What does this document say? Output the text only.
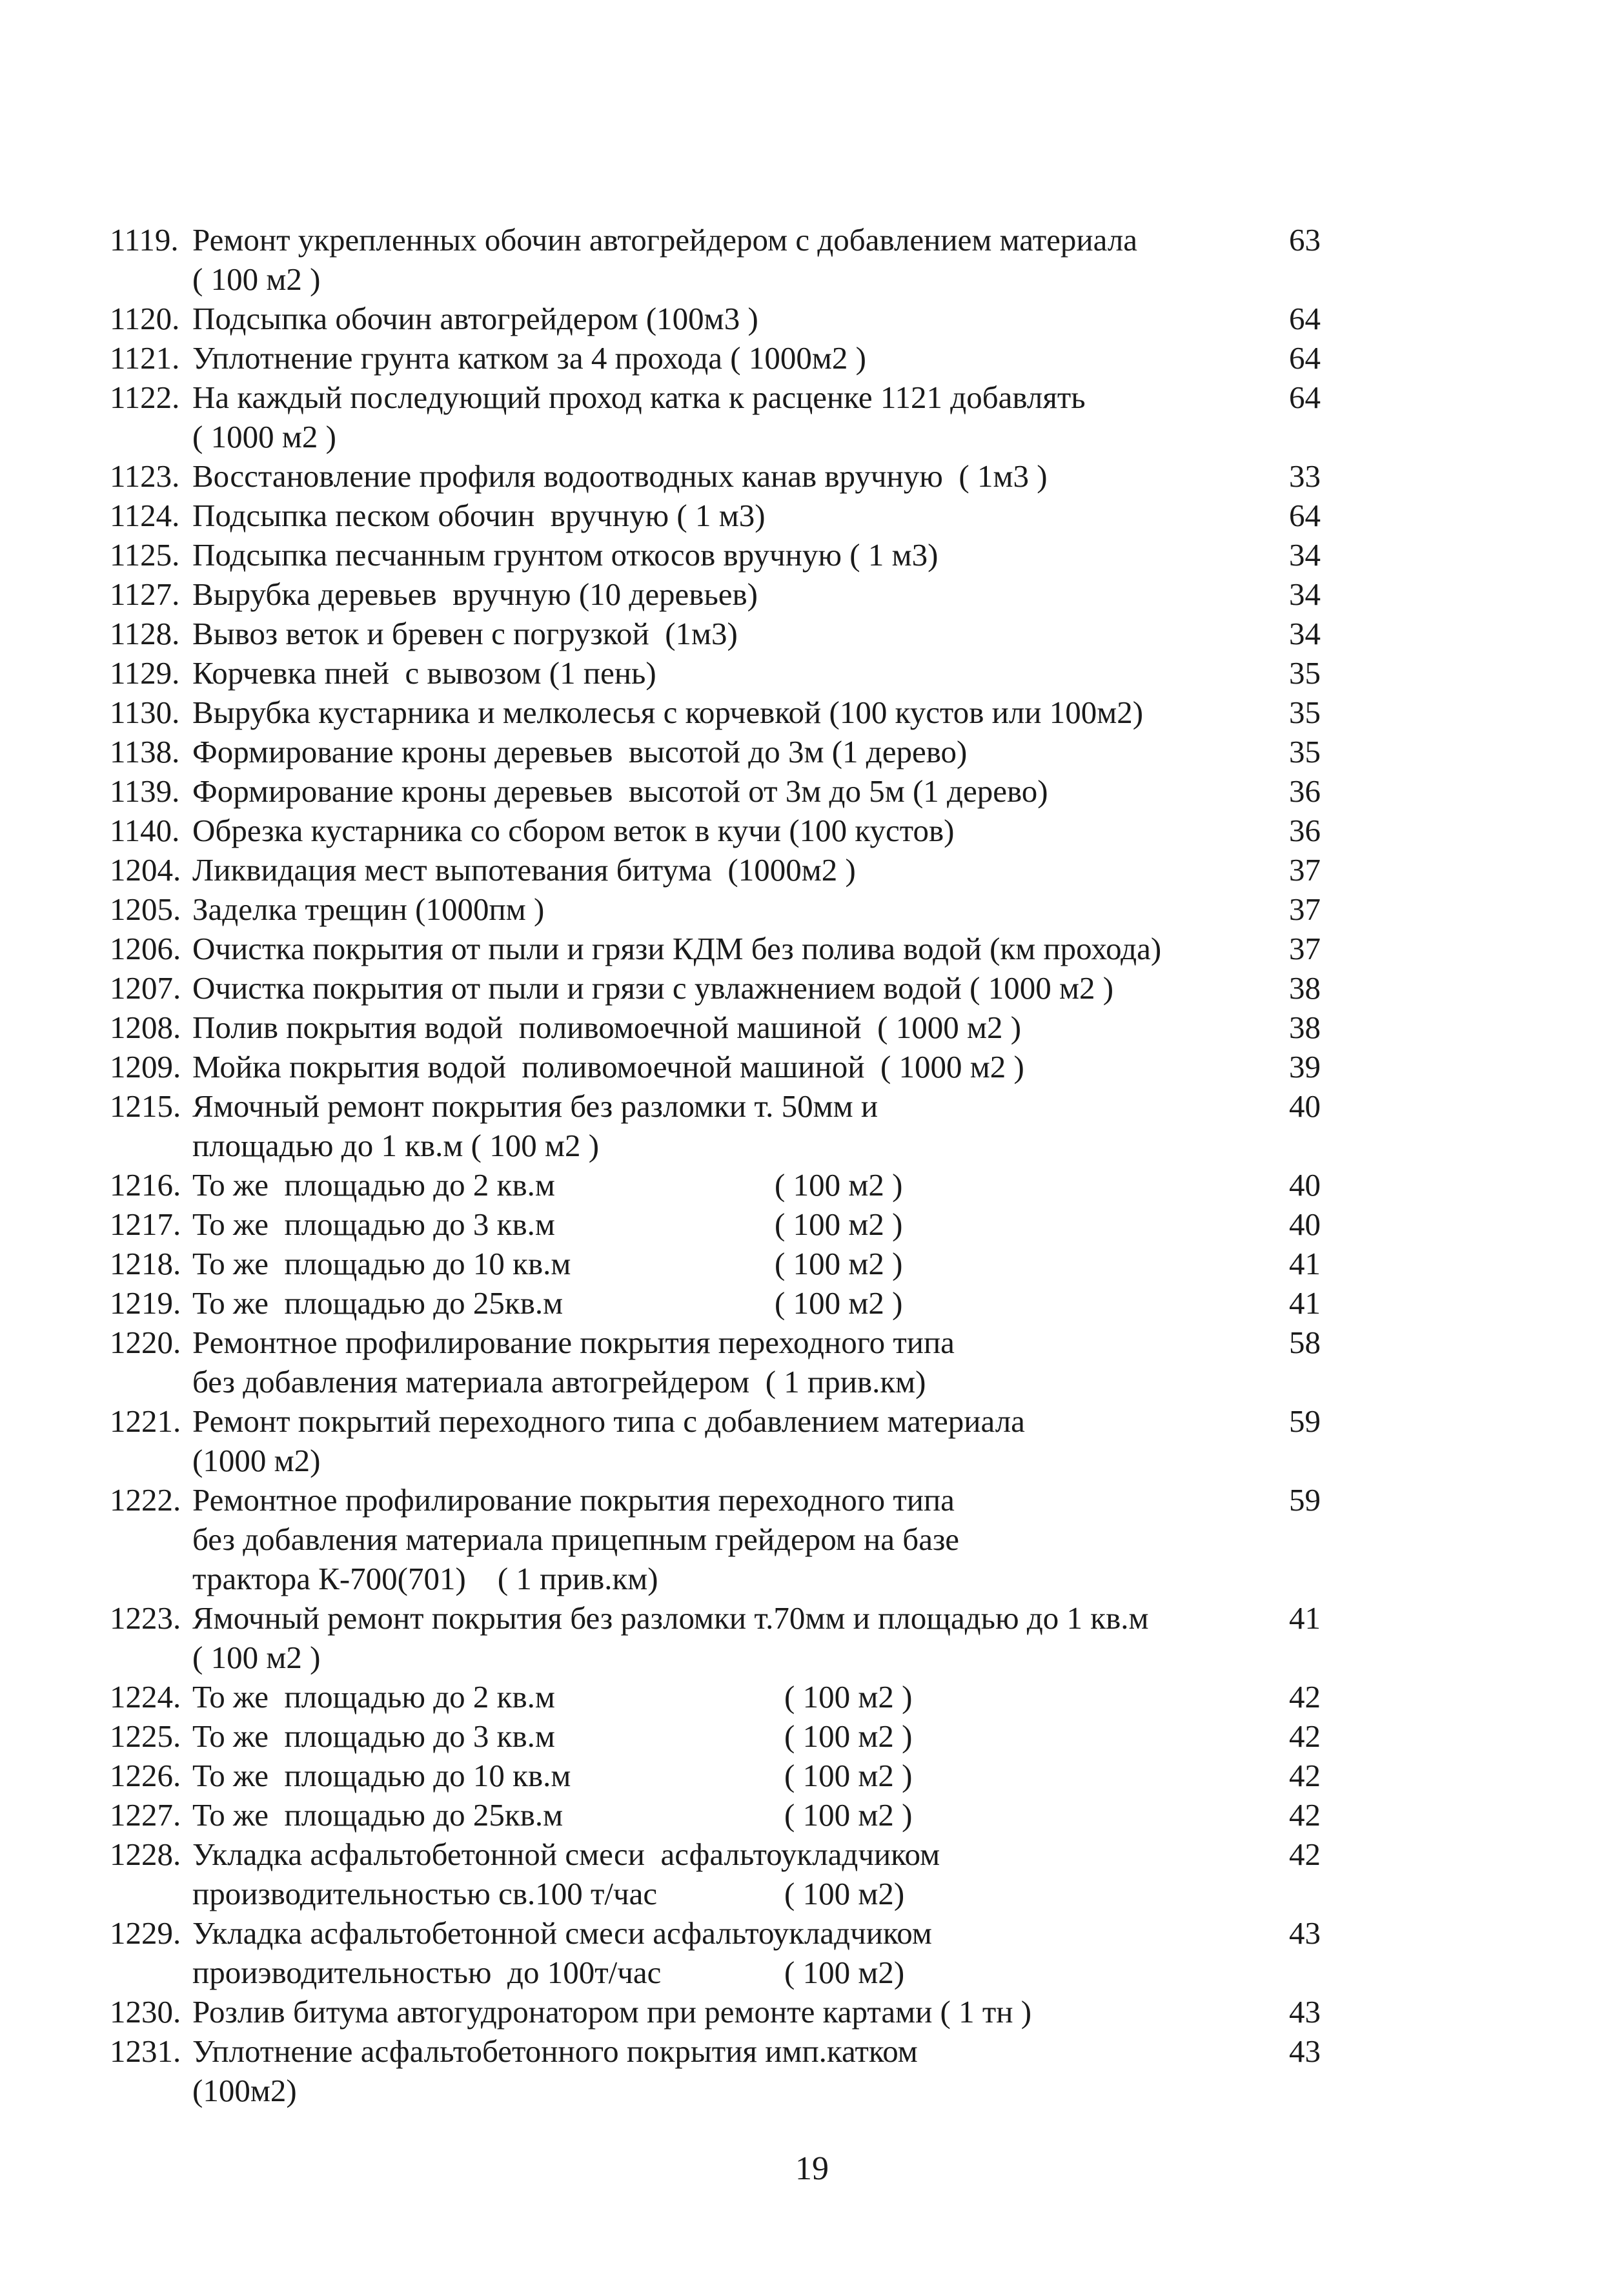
1119. Ремонт укрепленных обочин автогрейдером с добавлением материала	63
( 100 м2 )
1120. Подсыпка обочин автогрейдером (100м3 )	64
1121. Уплотнение грунта катком за 4 прохода ( 1000м2 )	64
1122. На каждый последующий проход катка к расценке 1121 добавлять	64
( 1000 м2 )
1123. Восстановление профиля водоотводных канав вручную  ( 1м3 )	33
1124. Подсыпка песком обочин  вручную ( 1 м3)	64
1125. Подсыпка песчанным грунтом откосов вручную ( 1 м3)	34
1127. Вырубка деревьев  вручную (10 деревьев)	34
1128. Вывоз веток и бревен с погрузкой  (1м3)	34
1129. Корчевка пней  с вывозом (1 пень)	35
1130. Вырубка кустарника и мелколесья с корчевкой (100 кустов или 100м2)	35
1138. Формирование кроны деревьев  высотой до 3м (1 дерево)	35
1139. Формирование кроны деревьев  высотой от 3м до 5м (1 дерево)	36
1140. Обрезка кустарника со сбором веток в кучи (100 кустов)	36
1204. Ликвидация мест выпотевания битума  (1000м2 )	37
1205. Заделка трещин (1000пм )	37
1206. Очистка покрытия от пыли и грязи КДМ без полива водой (км прохода)	37
1207. Очистка покрытия от пыли и грязи с увлажнением водой ( 1000 м2 )	38
1208. Полив покрытия водой  поливомоечной машиной  ( 1000 м2 )	38
1209. Мойка покрытия водой  поливомоечной машиной  ( 1000 м2 )	39
1215. Ямочный ремонт покрытия без разломки т. 50мм и	40
площадью до 1 кв.м ( 100 м2 )
1216. То же  площадью до 2 кв.м	( 100 м2 )	40
1217. То же  площадью до 3 кв.м	( 100 м2 )	40
1218. То же  площадью до 10 кв.м	( 100 м2 )	41
1219. То же  площадью до 25кв.м	( 100 м2 )	41
1220. Ремонтное профилирование покрытия переходного типа	58
без добавления материала автогрейдером  ( 1 прив.км)
1221. Ремонт покрытий переходного типа с добавлением материала	59
(1000 м2)
1222. Ремонтное профилирование покрытия переходного типа	59
без добавления материала прицепным грейдером на базе
трактора К-700(701)    ( 1 прив.км)
1223. Ямочный ремонт покрытия без разломки т.70мм и площадью до 1 кв.м	41
( 100 м2 )
1224. То же  площадью до 2 кв.м	( 100 м2 )	42
1225. То же  площадью до 3 кв.м	( 100 м2 )	42
1226. То же  площадью до 10 кв.м	( 100 м2 )	42
1227. То же  площадью до 25кв.м	( 100 м2 )	42
1228. Укладка асфальтобетонной смеси  асфальтоукладчиком	42
производительностью св.100 т/час	( 100 м2)
1229. Укладка асфальтобетонной смеси асфальтоукладчиком	43
проиэводительностью  до 100т/час	( 100 м2)
1230. Розлив битума автогудронатором при ремонте картами ( 1 тн )	43
1231. Уплотнение асфальтобетонного покрытия имп.катком	43
(100м2)
19
